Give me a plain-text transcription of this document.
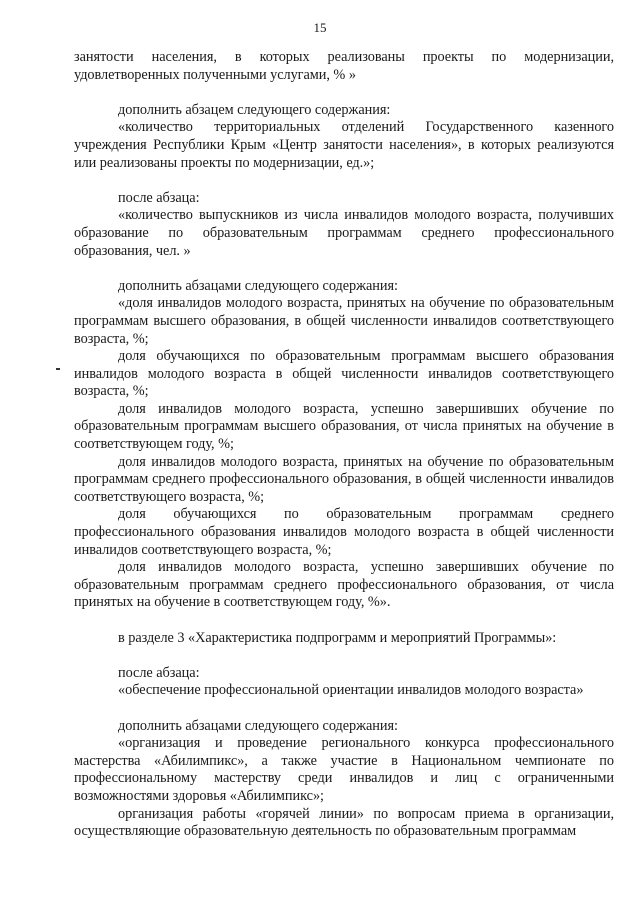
15

занятости населения, в которых реализованы проекты по модернизации, удовлетворенных полученными услугами, % »

дополнить абзацем следующего содержания:

«количество территориальных отделений Государственного казенного учреждения Республики Крым «Центр занятости населения», в которых реализуются или реализованы проекты по модернизации, ед.»;

после абзаца:

«количество выпускников из числа инвалидов молодого возраста, получивших образование по образовательным программам среднего профессионального образования, чел. »

дополнить абзацами следующего содержания:

«доля инвалидов молодого возраста, принятых на обучение по образовательным программам высшего образования, в общей численности инвалидов соответствующего возраста, %;

доля обучающихся по образовательным программам высшего образования инвалидов молодого возраста в общей численности инвалидов соответствующего возраста, %;

доля инвалидов молодого возраста, успешно завершивших обучение по образовательным программам высшего образования, от числа принятых на обучение в соответствующем году, %;

доля инвалидов молодого возраста, принятых на обучение по образовательным программам среднего профессионального образования, в общей численности инвалидов соответствующего возраста, %;

доля обучающихся по образовательным программам среднего профессионального образования инвалидов молодого возраста в общей численности инвалидов соответствующего возраста, %;

доля инвалидов молодого возраста, успешно завершивших обучение по образовательным программам среднего профессионального образования, от числа принятых на обучение в соответствующем году, %».

в разделе 3 «Характеристика подпрограмм и мероприятий Программы»:

после абзаца:

«обеспечение профессиональной ориентации инвалидов молодого возраста»

дополнить абзацами следующего содержания:

«организация и проведение регионального конкурса профессионального мастерства «Абилимпикс», а также участие в Национальном чемпионате по профессиональному мастерству среди инвалидов и лиц с ограниченными возможностями здоровья «Абилимпикс»;

организация работы «горячей линии» по вопросам приема в организации, осуществляющие образовательную деятельность по образовательным программам
